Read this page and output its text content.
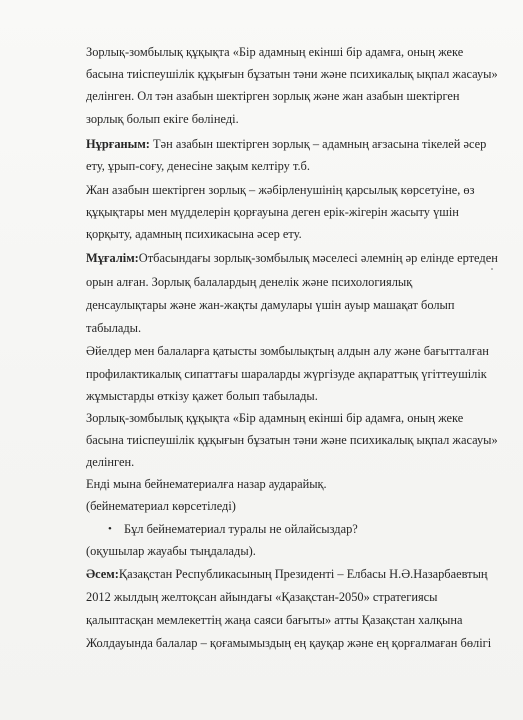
Зорлық-зомбылық құқықта «Бір адамның екінші бір адамға, оның жеке
басына тиіспеушілік құқығын бұзатын тәни және психикалық ықпал жасауы»
делінген. Ол тән азабын шектірген зорлық және жан азабын шектірген
зорлық болып екіге бөлінеді.
Нұрғаным: Тән азабын шектірген зорлық – адамның ағзасына тікелей әсер
ету, ұрып-соғу, денесіне зақым келтіру т.б.
Жан азабын шектірген зорлық – жәбірленушінің қарсылық көрсетуіне, өз
құқықтары мен мүдделерін қорғауына деген ерік-жігерін жасыту үшін
қорқыту, адамның психикасына әсер ету.
Мұғалім:Отбасындағы зорлық-зомбылық мәселесі әлемнің әр елінде ертеден
орын алған. Зорлық балалардың денелік және психологиялық
денсаулықтары және жан-жақты дамулары үшін ауыр машақат болып
табылады.
Әйелдер мен балаларға қатысты зомбылықтың алдын алу және бағытталған
профилактикалық сипаттағы шараларды жүргізуде ақпараттық үгіттеушілік
жұмыстарды өткізу қажет болып табылады.
Зорлық-зомбылық құқықта «Бір адамның екінші бір адамға, оның жеке
басына тиіспеушілік құқығын бұзатын тәни және психикалық ықпал жасауы»
делінген.
Енді мына бейнематериалға назар аударайық.
(бейнематериал көрсетіледі)
• Бұл бейнематериал туралы не ойлайсыздар?
(оқушылар жауабы тыңдалады).
Әсем:Қазақстан Республикасының Президенті – Елбасы Н.Ә.Назарбаевтың
2012 жылдың желтоқсан айындағы «Қазақстан-2050» стратегиясы
қалыптасқан мемлекеттің жаңа саяси бағыты» атты Қазақстан халқына
Жолдауында балалар – қоғамымыздың ең қауқар және ең қорғалмаған бөлігі
